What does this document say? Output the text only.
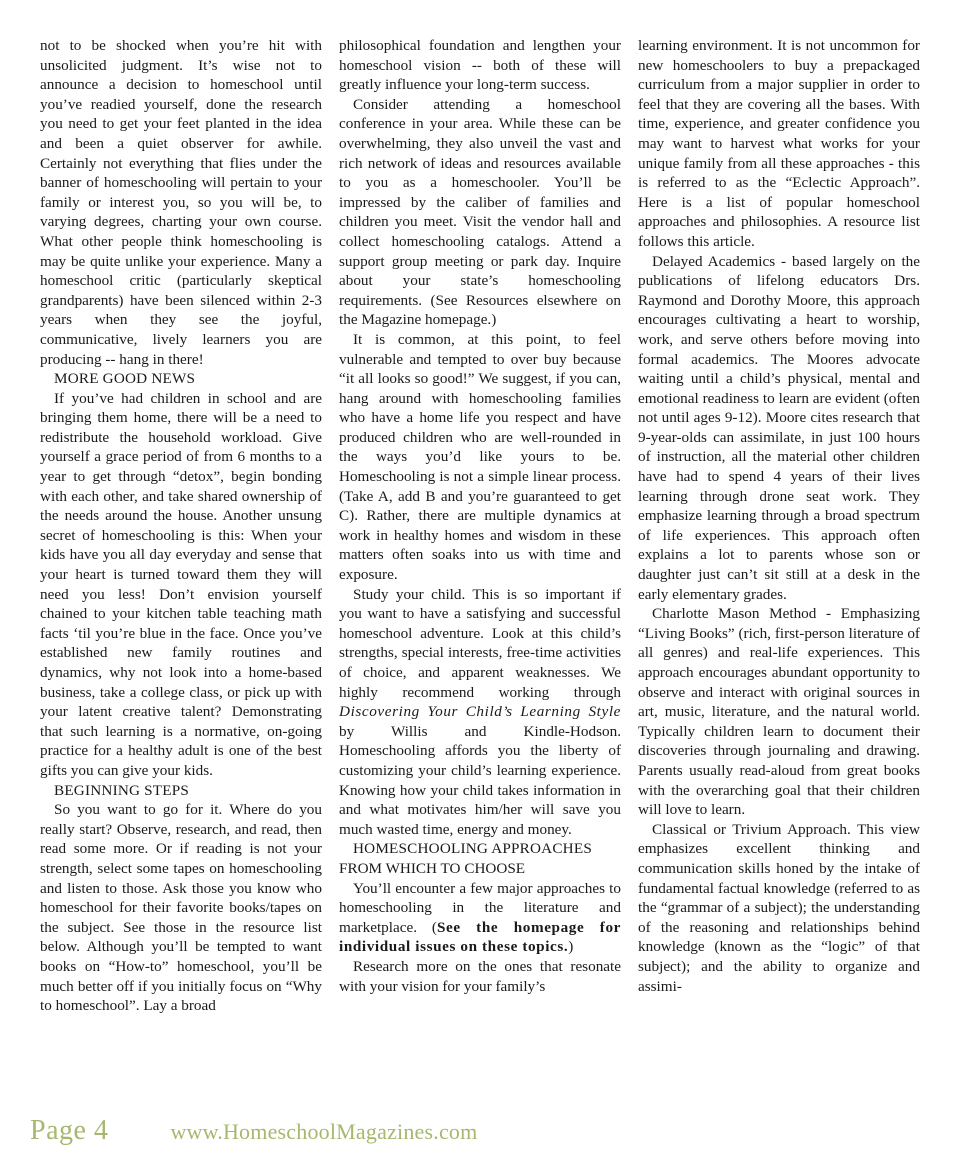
not to be shocked when you’re hit with unsolicited judgment. It’s wise not to announce a decision to homeschool until you’ve readied yourself, done the research you need to get your feet planted in the idea and been a quiet observer for awhile. Certainly not everything that flies under the banner of homeschooling will pertain to your family or interest you, so you will be, to varying degrees, charting your own course. What other people think homeschooling is may be quite unlike your experience. Many a homeschool critic (particularly skeptical grandparents) have been silenced within 2-3 years when they see the joyful, communicative, lively learners you are producing -- hang in there!

MORE GOOD NEWS

If you’ve had children in school and are bringing them home, there will be a need to redistribute the household workload. Give yourself a grace period of from 6 months to a year to get through “detox”, begin bonding with each other, and take shared ownership of the needs around the house. Another unsung secret of homeschooling is this: When your kids have you all day everyday and sense that your heart is turned toward them they will need you less! Don’t envision yourself chained to your kitchen table teaching math facts ‘til you’re blue in the face. Once you’ve established new family routines and dynamics, why not look into a home-based business, take a college class, or pick up with your latent creative talent? Demonstrating that such learning is a normative, on-going practice for a healthy adult is one of the best gifts you can give your kids.

BEGINNING STEPS

So you want to go for it. Where do you really start? Observe, research, and read, then read some more. Or if reading is not your strength, select some tapes on homeschooling and listen to those. Ask those you know who homeschool for their favorite books/tapes on the subject. See those in the resource list below. Although you’ll be tempted to want books on “How-to” homeschool, you’ll be much better off if you initially focus on “Why to homeschool”. Lay a broad

philosophical foundation and lengthen your homeschool vision -- both of these will greatly influence your long-term success.

Consider attending a homeschool conference in your area. While these can be overwhelming, they also unveil the vast and rich network of ideas and resources available to you as a homeschooler. You’ll be impressed by the caliber of families and children you meet. Visit the vendor hall and collect homeschooling catalogs. Attend a support group meeting or park day. Inquire about your state’s homeschooling requirements. (See Resources elsewhere on the Magazine homepage.)

It is common, at this point, to feel vulnerable and tempted to over buy because “it all looks so good!” We suggest, if you can, hang around with homeschooling families who have a home life you respect and have produced children who are well-rounded in the ways you’d like yours to be. Homeschooling is not a simple linear process. (Take A, add B and you’re guaranteed to get C). Rather, there are multiple dynamics at work in healthy homes and wisdom in these matters often soaks into us with time and exposure.

Study your child. This is so important if you want to have a satisfying and successful homeschool adventure. Look at this child’s strengths, special interests, free-time activities of choice, and apparent weaknesses. We highly recommend working through Discovering Your Child’s Learning Style by Willis and Kindle-Hodson. Homeschooling affords you the liberty of customizing your child’s learning experience. Knowing how your child takes information in and what motivates him/her will save you much wasted time, energy and money.

HOMESCHOOLING APPROACHES

FROM WHICH TO CHOOSE

You’ll encounter a few major approaches to homeschooling in the literature and marketplace. (See the homepage for individual issues on these topics.)

Research more on the ones that resonate with your vision for your family’s

learning environment. It is not uncommon for new homeschoolers to buy a prepackaged curriculum from a major supplier in order to feel that they are covering all the bases. With time, experience, and greater confidence you may want to harvest what works for your unique family from all these approaches - this is referred to as the “Eclectic Approach”. Here is a list of popular homeschool approaches and philosophies. A resource list follows this article.

Delayed Academics - based largely on the publications of lifelong educators Drs. Raymond and Dorothy Moore, this approach encourages cultivating a heart to worship, work, and serve others before moving into formal academics. The Moores advocate waiting until a child’s physical, mental and emotional readiness to learn are evident (often not until ages 9-12). Moore cites research that 9-year-olds can assimilate, in just 100 hours of instruction, all the material other children have had to spend 4 years of their lives learning through drone seat work. They emphasize learning through a broad spectrum of life experiences. This approach often explains a lot to parents whose son or daughter just can’t sit still at a desk in the early elementary grades.

Charlotte Mason Method - Emphasizing “Living Books” (rich, first-person literature of all genres) and real-life experiences. This approach encourages abundant opportunity to observe and interact with original sources in art, music, literature, and the natural world. Typically children learn to document their discoveries through journaling and drawing. Parents usually read-aloud from great books with the overarching goal that their children will love to learn.

Classical or Trivium Approach. This view emphasizes excellent thinking and communication skills honed by the intake of fundamental factual knowledge (referred to as the “grammar of a subject); the understanding of the reasoning and relationships behind knowledge (known as the “logic” of that subject); and the ability to organize and assimi-

Page 4	www.HomeschoolMagazines.com
